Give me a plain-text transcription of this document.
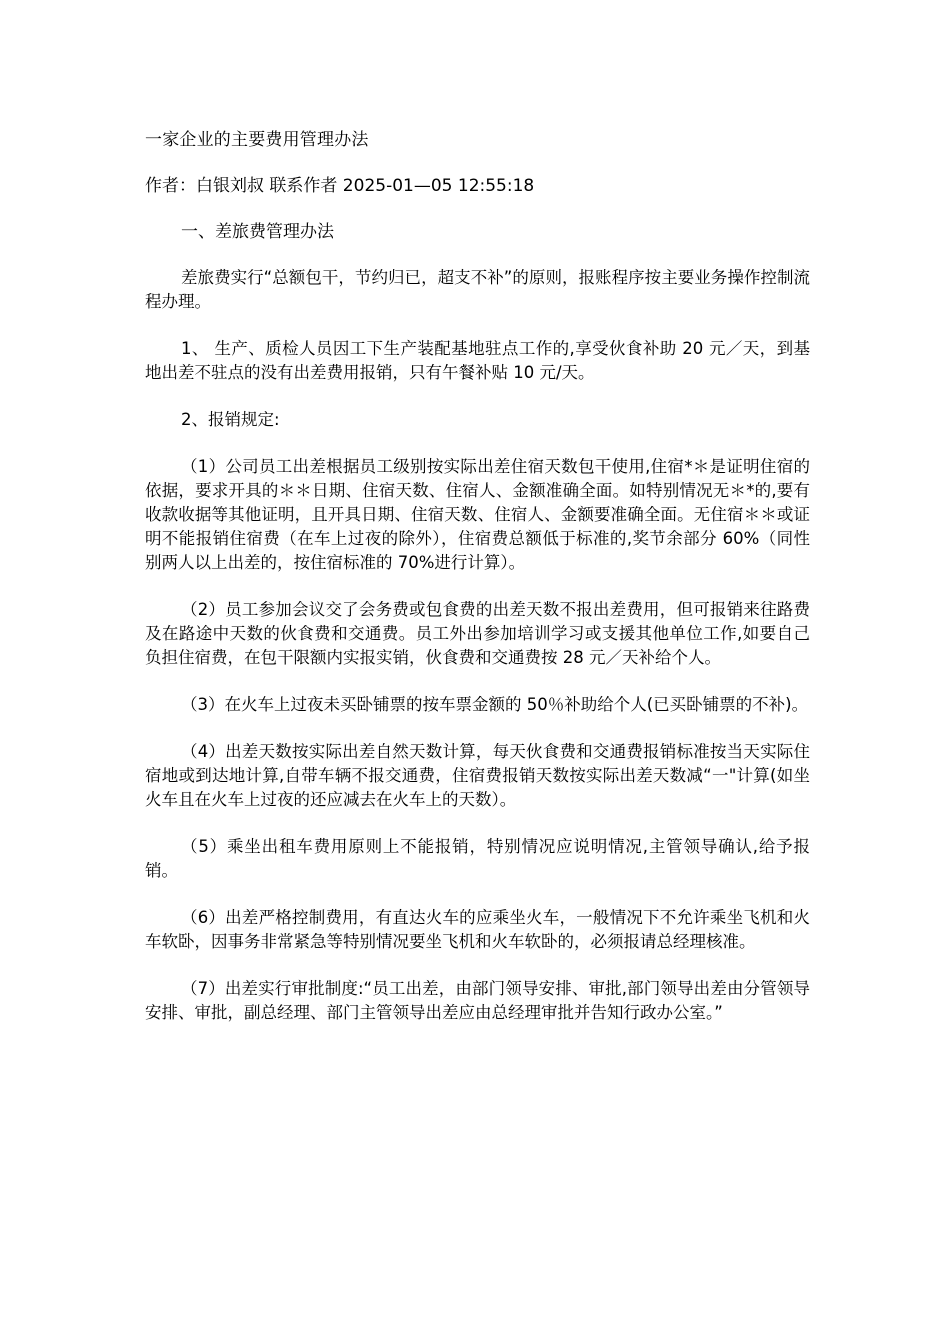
一家企业的主要费用管理办法
作者：白银刘叔 联系作者 2025-01—05 12:55:18
一、差旅费管理办法

差旅费实行“总额包干，节约归已，超支不补”的原则，报账程序按主要业务操作控制流程办理。

1、 生产、质检人员因工下生产装配基地驻点工作的,享受伙食补助 20 元／天，到基地出差不驻点的没有出差费用报销，只有午餐补贴 10 元/天。

2、报销规定:

（1）公司员工出差根据员工级别按实际出差住宿天数包干使用,住宿*＊是证明住宿的依据，要求开具的＊＊日期、住宿天数、住宿人、金额准确全面。如特别情况无＊*的,要有收款收据等其他证明，且开具日期、住宿天数、住宿人、金额要准确全面。无住宿＊＊或证明不能报销住宿费（在车上过夜的除外），住宿费总额低于标准的,奖节余部分 60%（同性别两人以上出差的，按住宿标准的 70%进行计算）。

（2）员工参加会议交了会务费或包食费的出差天数不报出差费用，但可报销来往路费及在路途中天数的伙食费和交通费。员工外出参加培训学习或支援其他单位工作,如要自己负担住宿费，在包干限额内实报实销，伙食费和交通费按 28 元／天补给个人。

（3）在火车上过夜未买卧铺票的按车票金额的 50％补助给个人(已买卧铺票的不补)。

（4）出差天数按实际出差自然天数计算，每天伙食费和交通费报销标准按当天实际住宿地或到达地计算,自带车辆不报交通费，住宿费报销天数按实际出差天数减“一"计算(如坐火车且在火车上过夜的还应减去在火车上的天数）。

（5）乘坐出租车费用原则上不能报销，特别情况应说明情况,主管领导确认,给予报销。

（6）出差严格控制费用，有直达火车的应乘坐火车，一般情况下不允许乘坐飞机和火车软卧，因事务非常紧急等特别情况要坐飞机和火车软卧的，必须报请总经理核准。

（7）出差实行审批制度:“员工出差，由部门领导安排、审批,部门领导出差由分管领导安排、审批，副总经理、部门主管领导出差应由总经理审批并告知行政办公室。”
